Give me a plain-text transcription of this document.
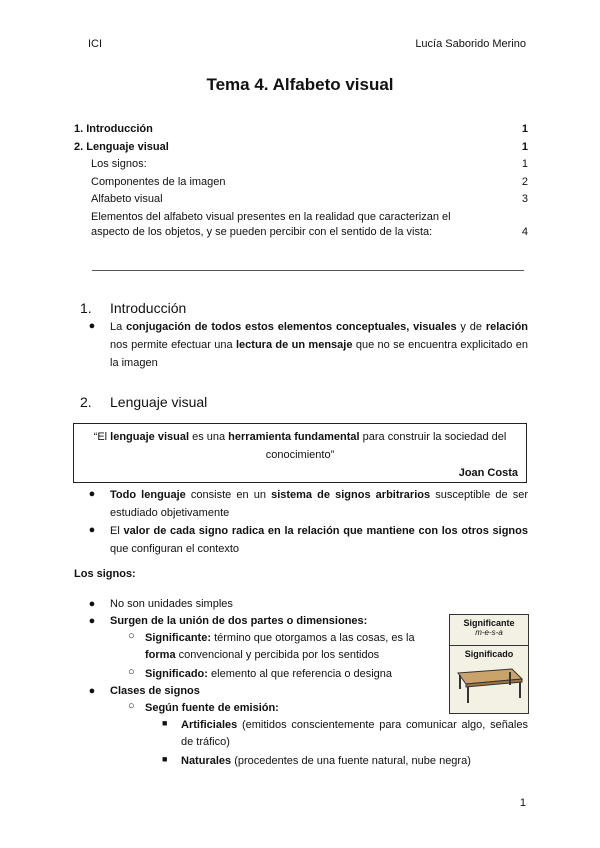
ICI	Lucía Saborido Merino
Tema 4. Alfabeto visual
1. Introducción	1
2. Lenguaje visual	1
Los signos:	1
Componentes de la imagen	2
Alfabeto visual	3
Elementos del alfabeto visual presentes en la realidad que caracterizan el aspecto de los objetos, y se pueden percibir con el sentido de la vista:	4
1. Introducción
● La conjugación de todos estos elementos conceptuales, visuales y de relación nos permite efectuar una lectura de un mensaje que no se encuentra explicitado en la imagen
2. Lenguaje visual
“El lenguaje visual es una herramienta fundamental para construir la sociedad del conocimiento”
Joan Costa
● Todo lenguaje consiste en un sistema de signos arbitrarios susceptible de ser estudiado objetivamente
● El valor de cada signo radica en la relación que mantiene con los otros signos que configuran el contexto
Los signos:
● No son unidades simples
● Surgen de la unión de dos partes o dimensiones:
○ Significante: término que otorgamos a las cosas, es la forma convencional y percibida por los sentidos
○ Significado: elemento al que referencia o designa
● Clases de signos
○ Según fuente de emisión:
■ Artificiales (emitidos conscientemente para comunicar algo, señales de tráfico)
■ Naturales (procedentes de una fuente natural, nube negra)
Significante
m-e-s-a
Significado
1
